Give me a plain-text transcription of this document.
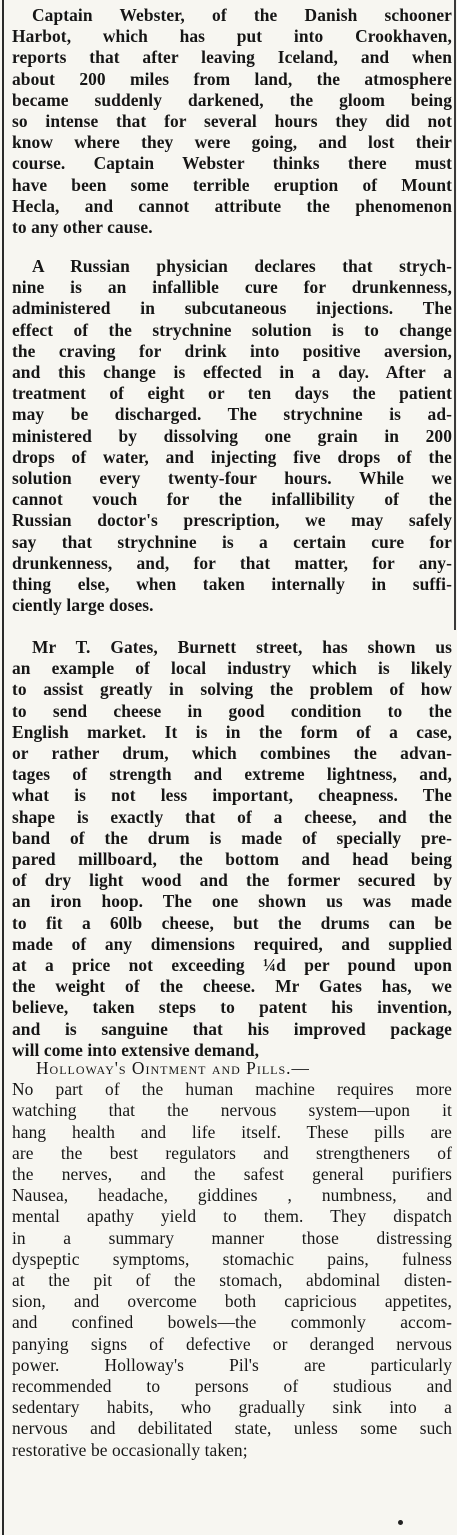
Captain Webster, of the Danish schooner
Harbot, which has put into Crookhaven,
reports that after leaving Iceland, and when
about 200 miles from land, the atmosphere
became suddenly darkened, the gloom being
so intense that for several hours they did not
know where they were going, and lost their
course. Captain Webster thinks there must
have been some terrible eruption of Mount
Hecla, and cannot attribute the phenomenon
to any other cause.

A Russian physician declares that strych-
nine is an infallible cure for drunkenness,
administered in subcutaneous injections. The
effect of the strychnine solution is to change
the craving for drink into positive aversion,
and this change is effected in a day. After a
treatment of eight or ten days the patient
may be discharged. The strychnine is ad-
ministered by dissolving one grain in 200
drops of water, and injecting five drops of the
solution every twenty-four hours. While we
cannot vouch for the infallibility of the
Russian doctor's prescription, we may safely
say that strychnine is a certain cure for
drunkenness, and, for that matter, for any-
thing else, when taken internally in suffi-
ciently large doses.

Mr T. Gates, Burnett street, has shown us
an example of local industry which is likely
to assist greatly in solving the problem of how
to send cheese in good condition to the
English market. It is in the form of a case,
or rather drum, which combines the advan-
tages of strength and extreme lightness, and,
what is not less important, cheapness. The
shape is exactly that of a cheese, and the
band of the drum is made of specially pre-
pared millboard, the bottom and head being
of dry light wood and the former secured by
an iron hoop. The one shown us was made
to fit a 60lb cheese, but the drums can be
made of any dimensions required, and supplied
at a price not exceeding ¼d per pound upon
the weight of the cheese. Mr Gates has, we
believe, taken steps to patent his invention,
and is sanguine that his improved package
will come into extensive demand,

Holloway's Ointment and Pills.—
No part of the human machine requires more
watching that the nervous system—upon it
hang health and life itself. These pills are
are the best regulators and strengtheners of
the nerves, and the safest general purifiers
Nausea, headache, giddines , numbness, and
mental apathy yield to them. They dispatch
in a summary manner those distressing
dyspeptic symptoms, stomachic pains, fulness
at the pit of the stomach, abdominal disten-
sion, and overcome both capricious appetites,
and confined bowels—the commonly accom-
panying signs of defective or deranged nervous
power. Holloway's Pil's are particularly
recommended to persons of studious and
sedentary habits, who gradually sink into a
nervous and debilitated state, unless some such
restorative be occasionally taken;
